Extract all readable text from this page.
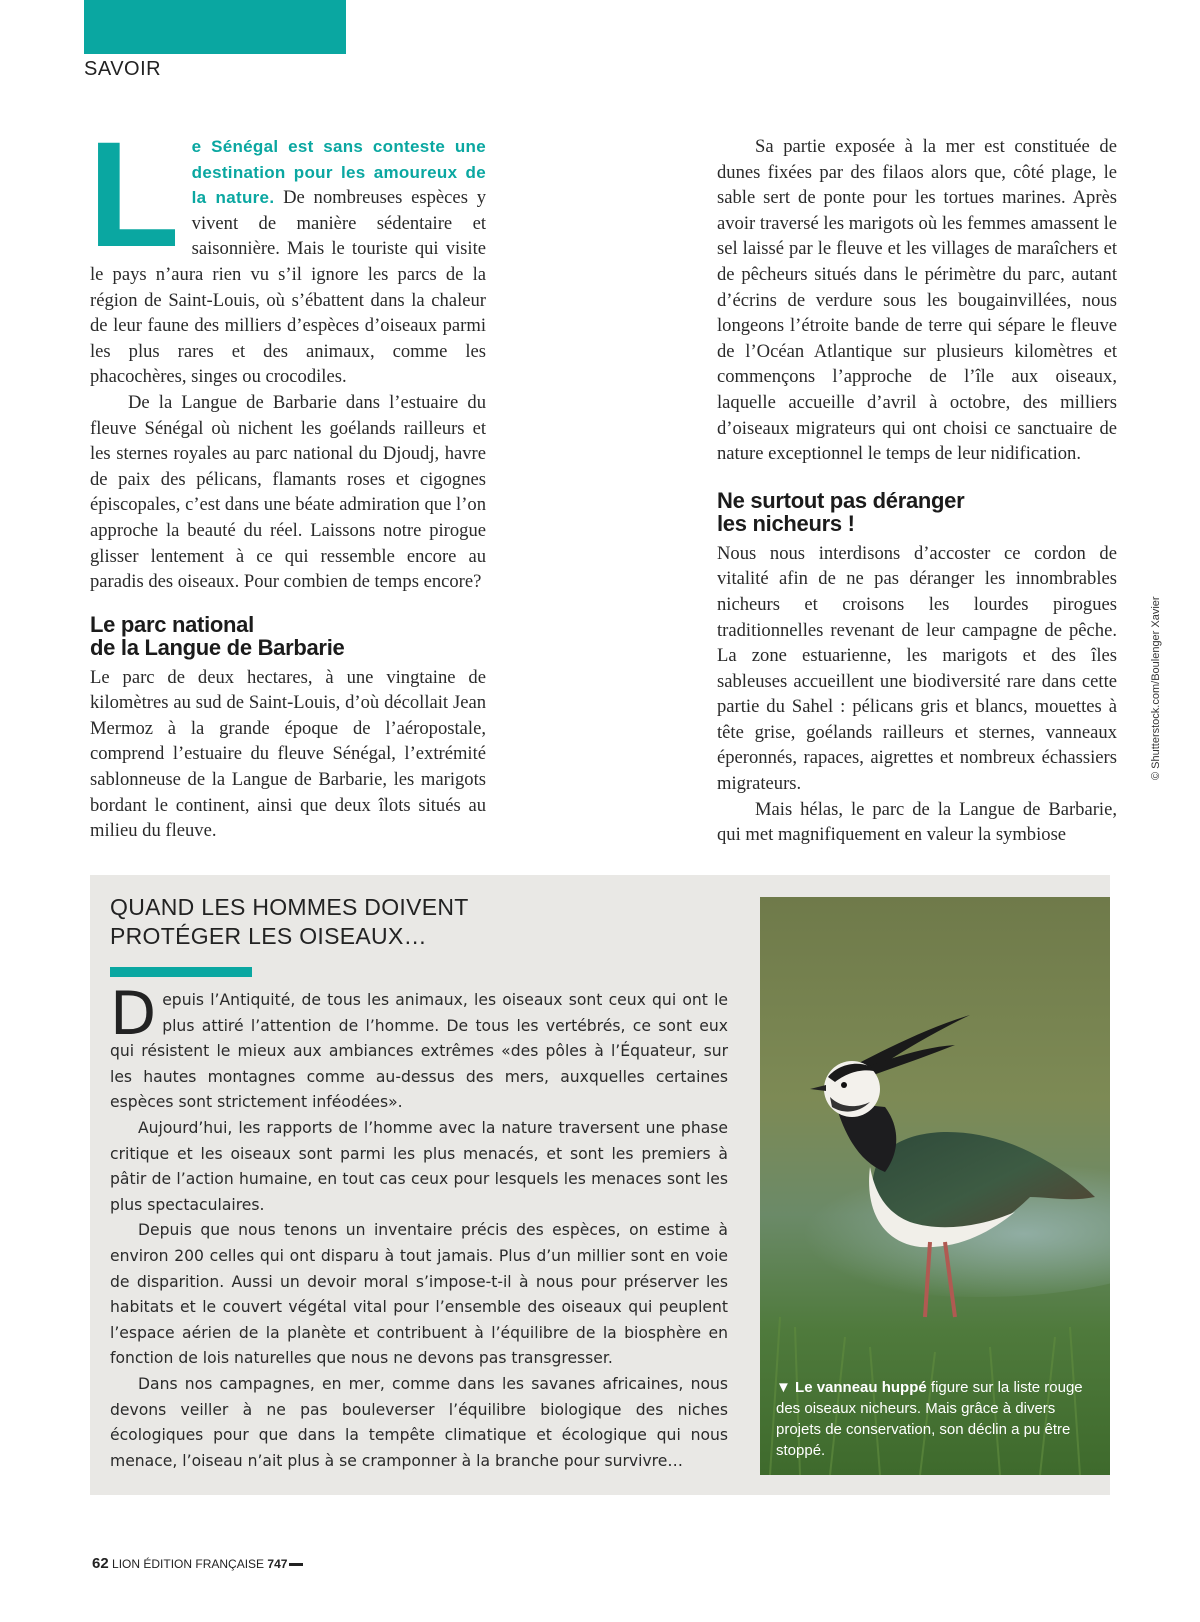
SAVOIR

Le Sénégal est sans conteste une destination pour les amoureux de la nature. De nombreuses espèces y vivent de manière sédentaire et saisonnière. Mais le touriste qui visite le pays n’aura rien vu s’il ignore les parcs de la région de Saint-Louis, où s’ébattent dans la chaleur de leur faune des milliers d’espèces d’oiseaux parmi les plus rares et des animaux, comme les phacochères, singes ou crocodiles.

De la Langue de Barbarie dans l’estuaire du fleuve Sénégal où nichent les goélands railleurs et les sternes royales au parc national du Djoudj, havre de paix des pélicans, flamants roses et cigognes épiscopales, c’est dans une béate admiration que l’on approche la beauté du réel. Laissons notre pirogue glisser lentement à ce qui ressemble encore au paradis des oiseaux. Pour combien de temps encore?

Le parc national
de la Langue de Barbarie

Le parc de deux hectares, à une vingtaine de kilomètres au sud de Saint-Louis, d’où décollait Jean Mermoz à la grande époque de l’aéropostale, comprend l’estuaire du fleuve Sénégal, l’extrémité sablonneuse de la Langue de Barbarie, les marigots bordant le continent, ainsi que deux îlots situés au milieu du fleuve.

Sa partie exposée à la mer est constituée de dunes fixées par des filaos alors que, côté plage, le sable sert de ponte pour les tortues marines. Après avoir traversé les marigots où les femmes amassent le sel laissé par le fleuve et les villages de maraîchers et de pêcheurs situés dans le périmètre du parc, autant d’écrins de verdure sous les bougainvillées, nous longeons l’étroite bande de terre qui sépare le fleuve de l’Océan Atlantique sur plusieurs kilomètres et commençons l’approche de l’île aux oiseaux, laquelle accueille d’avril à octobre, des milliers d’oiseaux migrateurs qui ont choisi ce sanctuaire de nature exceptionnel le temps de leur nidification.

Ne surtout pas déranger
les nicheurs !

Nous nous interdisons d’accoster ce cordon de vitalité afin de ne pas déranger les innombrables nicheurs et croisons les lourdes pirogues traditionnelles revenant de leur campagne de pêche. La zone estuarienne, les marigots et des îles sableuses accueillent une biodiversité rare dans cette partie du Sahel : pélicans gris et blancs, mouettes à tête grise, goélands railleurs et sternes, vanneaux éperonnés, rapaces, aigrettes et nombreux échassiers migrateurs.

Mais hélas, le parc de la Langue de Barbarie, qui met magnifiquement en valeur la symbiose

© Shutterstock.com/Boulenger Xavier
QUAND LES HOMMES DOIVENT
PROTÉGER LES OISEAUX…

Depuis l’Antiquité, de tous les animaux, les oiseaux sont ceux qui ont le plus attiré l’attention de l’homme. De tous les vertébrés, ce sont eux qui résistent le mieux aux ambiances extrêmes «des pôles à l’Équateur, sur les hautes montagnes comme au-dessus des mers, auxquelles certaines espèces sont strictement inféodées».

Aujourd’hui, les rapports de l’homme avec la nature traversent une phase critique et les oiseaux sont parmi les plus menacés, et sont les premiers à pâtir de l’action humaine, en tout cas ceux pour lesquels les menaces sont les plus spectaculaires.

Depuis que nous tenons un inventaire précis des espèces, on estime à environ 200 celles qui ont disparu à tout jamais. Plus d’un millier sont en voie de disparition. Aussi un devoir moral s’impose-t-il à nous pour préserver les habitats et le couvert végétal vital pour l’ensemble des oiseaux qui peuplent l’espace aérien de la planète et contribuent à l’équilibre de la biosphère en fonction de lois naturelles que nous ne devons pas transgresser.

Dans nos campagnes, en mer, comme dans les savanes africaines, nous devons veiller à ne pas bouleverser l’équilibre biologique des niches écologiques pour que dans la tempête climatique et écologique qui nous menace, l’oiseau n’ait plus à se cramponner à la branche pour survivre…

▼ Le vanneau huppé figure sur la liste rouge des oiseaux nicheurs. Mais grâce à divers projets de conservation, son déclin a pu être stoppé.
62 LION ÉDITION FRANÇAISE 747
